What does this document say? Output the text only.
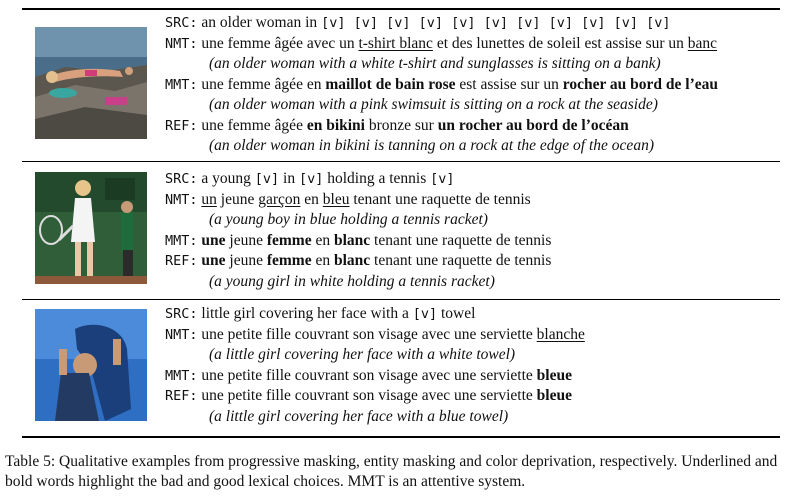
SRC: an older woman in [v] [v] [v] [v] [v] [v] [v] [v] [v] [v] [v]
NMT: une femme âgée avec un t-shirt blanc et des lunettes de soleil est assise sur un banc
(an older woman with a white t-shirt and sunglasses is sitting on a bank)
MMT: une femme âgée en maillot de bain rose est assise sur un rocher au bord de l’eau
(an older woman with a pink swimsuit is sitting on a rock at the seaside)
REF: une femme âgée en bikini bronze sur un rocher au bord de l’océan
(an older woman in bikini is tanning on a rock at the edge of the ocean)
SRC: a young [v] in [v] holding a tennis [v]
NMT: un jeune garçon en bleu tenant une raquette de tennis
(a young boy in blue holding a tennis racket)
MMT: une jeune femme en blanc tenant une raquette de tennis
REF: une jeune femme en blanc tenant une raquette de tennis
(a young girl in white holding a tennis racket)
SRC: little girl covering her face with a [v] towel
NMT: une petite fille couvrant son visage avec une serviette blanche
(a little girl covering her face with a white towel)
MMT: une petite fille couvrant son visage avec une serviette bleue
REF: une petite fille couvrant son visage avec une serviette bleue
(a little girl covering her face with a blue towel)
Table 5: Qualitative examples from progressive masking, entity masking and color deprivation, respectively. Underlined and bold words highlight the bad and good lexical choices. MMT is an attentive system.
